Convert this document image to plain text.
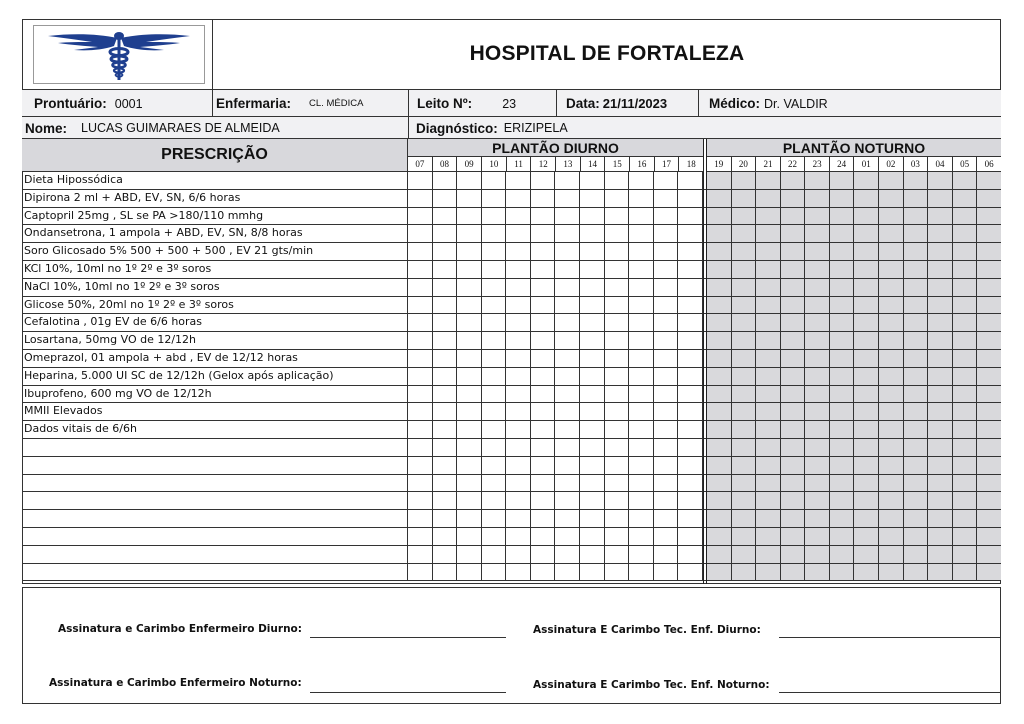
HOSPITAL DE FORTALEZA
Prontuário: 0001	Enfermaria: CL. MÉDICA	Leito Nº: 23	Data: 21/11/2023	Médico: Dr. VALDIR
Nome: LUCAS GUIMARAES DE ALMEIDA	Diagnóstico: ERIZIPELA
PRESCRIÇÃO	PLANTÃO DIURNO	PLANTÃO NOTURNO
07	08	09	10	11	12	13	14	15	16	17	18	19	20	21	22	23	24	01	02	03	04	05	06
Dieta Hipossódica
Dipirona 2 ml + ABD, EV, SN, 6/6 horas
Captopril 25mg , SL se PA >180/110 mmhg
Ondansetrona, 1 ampola + ABD, EV, SN, 8/8 horas
Soro Glicosado 5% 500 + 500 + 500 , EV 21 gts/min
KCl 10%, 10ml no 1º 2º e 3º soros
NaCl 10%, 10ml no 1º 2º e 3º soros
Glicose 50%, 20ml no 1º 2º e 3º soros
Cefalotina , 01g EV de 6/6 horas
Losartana, 50mg VO de 12/12h
Omeprazol, 01 ampola + abd , EV de 12/12 horas
Heparina, 5.000 UI SC de 12/12h (Gelox após aplicação)
Ibuprofeno, 600 mg VO de 12/12h
MMII Elevados
Dados vitais de 6/6h
Assinatura e Carimbo Enfermeiro Diurno:
Assinatura e Carimbo Enfermeiro Noturno:
Assinatura E Carimbo Tec. Enf. Diurno:
Assinatura E Carimbo Tec. Enf. Noturno:
